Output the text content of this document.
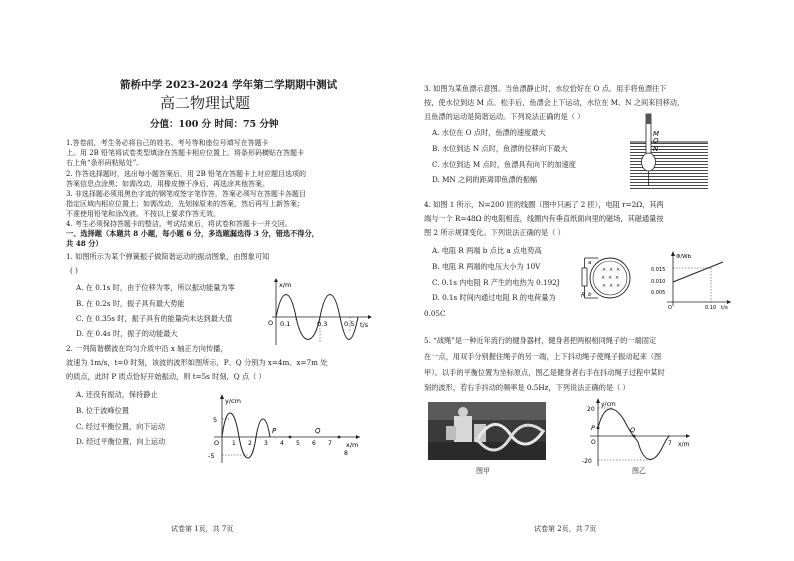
箭桥中学 2023-2024 学年第二学期期中测试
高二物理试题
分值：100 分 时间：75 分钟
1.答卷前，考生务必将自己的姓名、考号等和座位号填写在答题卡
上。用 2B 铅笔将试卷类型填涂在答题卡相应位置上。将条形码横贴在答题卡
右上角“条形码粘贴处”。
2. 作答选择题时，选出每小题答案后，用 2B 铅笔在答题卡上对应题目选项的
答案信息点涂黑；如需改动，用橡皮擦干净后，再选涂其他答案。
3. 非选择题必须用黑色字迹的钢笔或签字笔作答，答案必须写在答题卡各题目
指定区域内相应位置上；如需改动，先划掉原来的答案，然后再写上新答案；
不准使用铅笔和涂改液。不按以上要求作答无效。
4. 考生必须保持答题卡的整洁。考试结束后，将试卷和答题卡一并交回。
一、选择题（本题共 8 小题，每小题 6 分，多选题漏选得 3 分，错选不得分，
共 48 分）
1. 如图所示为某个弹簧振子做简谐运动的振动图象，由图象可知
( )
A. 在 0.1s 时，由于位移为零，所以振动能量为零
B. 在 0.2s 时，振子具有最大势能
C. 在 0.35s 时，振子具有的能量尚未达到最大值
D. 在 0.4s 时，振子的动能最大
x/m
t/s
O 0.1	0.3	0.5
2. 一列简谐横波在均匀介质中沿 x 轴正方向传播，
波速为 1m/s，t=0 时刻，该波的波形如图所示，P、Q 分别为 x=4m、x=7m 处
的质点，此时 P 质点恰好开始振动，则 t=5s 时刻，Q 点（ ）
A. 还没有振动，保持静止
B. 位于波峰位置
C. 经过平衡位置，向下运动
D. 经过平衡位置，向上运动
y/cm
x/m
5
-5
O 1 2 3 4 5 6 7
8
P	Q
试卷第 1页，共 7页
3. 如图为某鱼漂示意图。当鱼漂静止时，水位恰好在 O 点。用手将鱼漂往下
按，使水位到达 M 点。松手后，鱼漂会上下运动，水位在 M、N 之间来回移动，
且鱼漂的运动是简谐运动。下列说法正确的是（ ）
A. 水位在 O 点时，鱼漂的速度最大
B. 水位到达 N 点时，鱼漂的位移向下最大
C. 水位到达 M 点时，鱼漂具有向下的加速度
D. MN 之间的距离即鱼漂的振幅
M
O
N
4. 如图 1 所示，N=200 匝的线圈（图中只画了 2 匝），电阻 r=2Ω，其两
端与一个 R=48Ω 的电阻相连，线圈内有垂直纸面向里的磁场，其磁通量按
图 2 所示规律变化。下列说法正确的是（ ）
A. 电阻 R 两端 b 点比 a 点电势高
B. 电阻 R 两端的电压大小为 10V
C. 0.1s 内电阻 R 产生的电热为 0.192J
D. 0.1s 时间内通过电阻 R 的电荷量为
0.05C
× × ×
× × ×
× × ×
R
a
b
Φ/Wb
t/s
0.015
0.010
0.005
0.10
O
5. “战绳”是一种近年流行的健身器材，健身者把两根相同绳子的一端固定
在一点，用双手分别握住绳子的另一端，上下抖动绳子使绳子振动起来（图
甲）。以手的平衡位置为坐标原点，图乙是健身者右手在抖动绳子过程中某时
刻的波形，若右手抖动的频率是 0.5Hz，下列说法正确的是（ ）
图甲
y/cm
x/m
20
-20
P	Q
7
O
图乙
试卷第 2页，共 7页
